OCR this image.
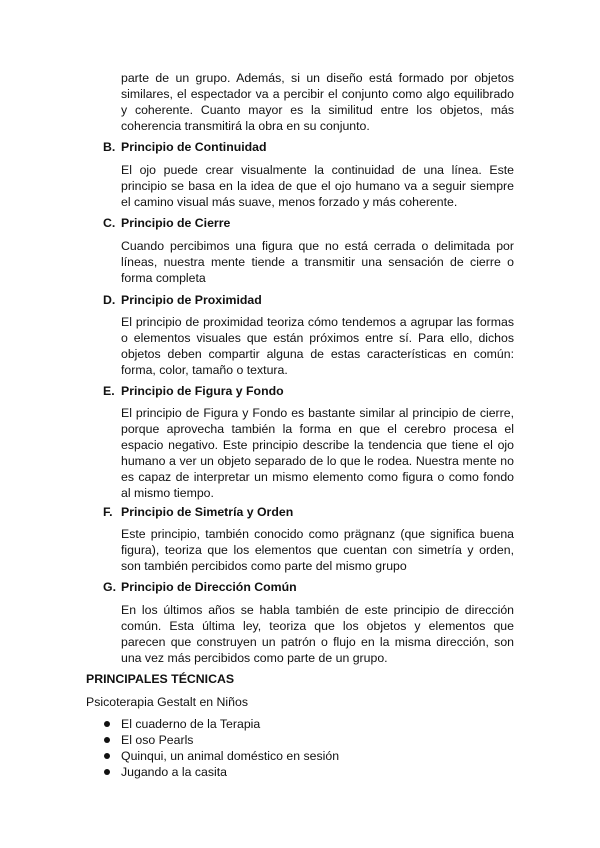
parte de un grupo. Además, si un diseño está formado por objetos similares, el espectador va a percibir el conjunto como algo equilibrado y coherente. Cuanto mayor es la similitud entre los objetos, más coherencia transmitirá la obra en su conjunto.

B. Principio de Continuidad

El ojo puede crear visualmente la continuidad de una línea. Este principio se basa en la idea de que el ojo humano va a seguir siempre el camino visual más suave, menos forzado y más coherente.

C. Principio de Cierre

Cuando percibimos una figura que no está cerrada o delimitada por líneas, nuestra mente tiende a transmitir una sensación de cierre o forma completa

D. Principio de Proximidad

El principio de proximidad teoriza cómo tendemos a agrupar las formas o elementos visuales que están próximos entre sí. Para ello, dichos objetos deben compartir alguna de estas características en común: forma, color, tamaño o textura.

E. Principio de Figura y Fondo

El principio de Figura y Fondo es bastante similar al principio de cierre, porque aprovecha también la forma en que el cerebro procesa el espacio negativo. Este principio describe la tendencia que tiene el ojo humano a ver un objeto separado de lo que le rodea. Nuestra mente no es capaz de interpretar un mismo elemento como figura o como fondo al mismo tiempo.

F. Principio de Simetría y Orden

Este principio, también conocido como prägnanz (que significa buena figura), teoriza que los elementos que cuentan con simetría y orden, son también percibidos como parte del mismo grupo

G. Principio de Dirección Común

En los últimos años se habla también de este principio de dirección común. Esta última ley, teoriza que los objetos y elementos que parecen que construyen un patrón o flujo en la misma dirección, son una vez más percibidos como parte de un grupo.

PRINCIPALES TÉCNICAS

Psicoterapia Gestalt en Niños

El cuaderno de la Terapia
El oso Pearls
Quinqui, un animal doméstico en sesión
Jugando a la casita
